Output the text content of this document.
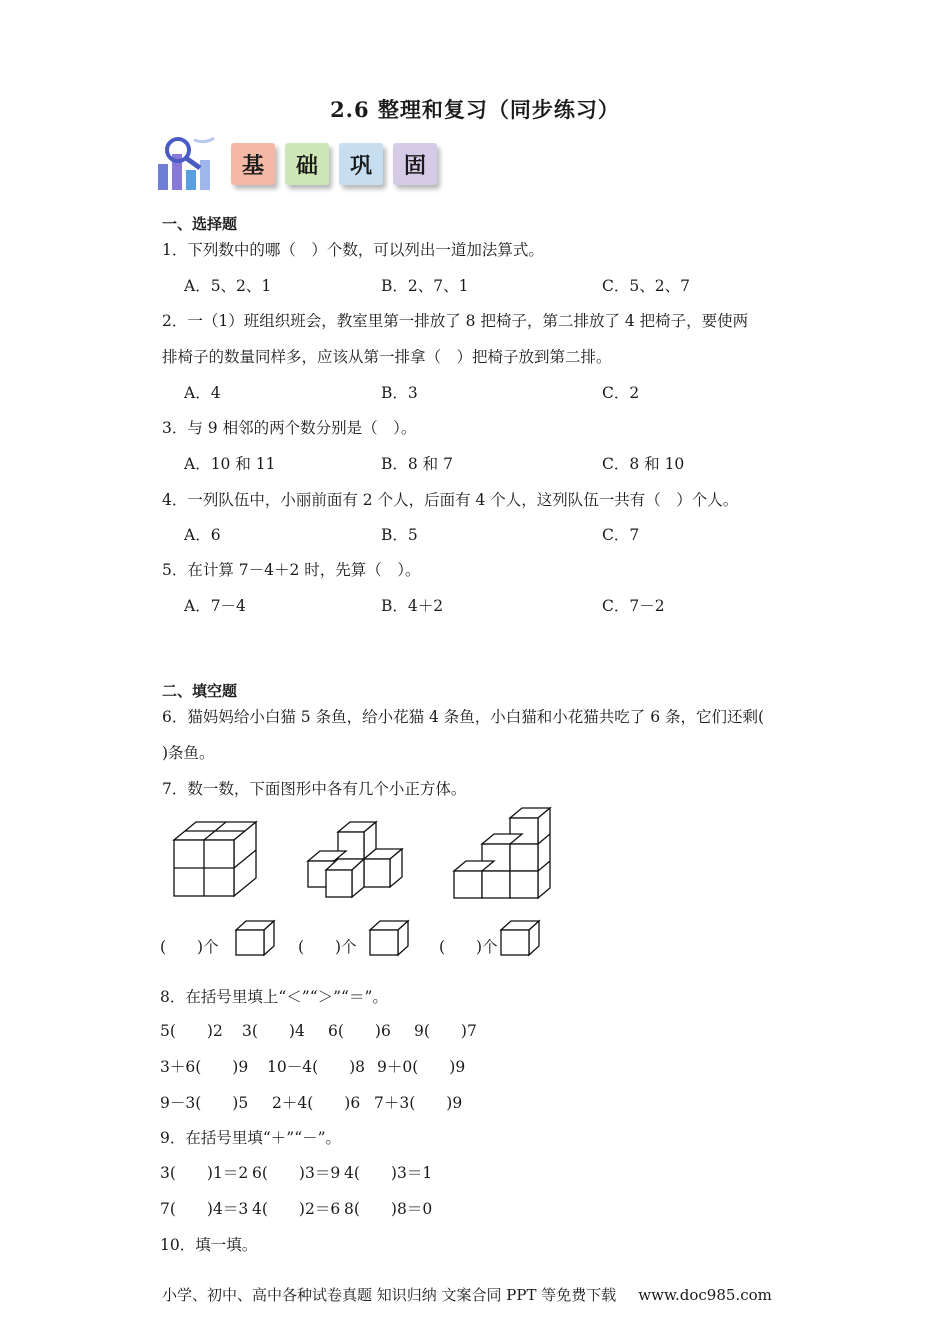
2.6 整理和复习（同步练习）
基	础	巩	固
一、选择题
1．下列数中的哪（　）个数，可以列出一道加法算式。
A．5、2、1	B．2、7、1	C．5、2、7
2．一（1）班组织班会，教室里第一排放了 8 把椅子，第二排放了 4 把椅子，要使两
排椅子的数量同样多，应该从第一排拿（　）把椅子放到第二排。
A．4	B．3	C．2
3．与 9 相邻的两个数分别是（　）。
A．10 和 11	B．8 和 7	C．8 和 10
4．一列队伍中，小丽前面有 2 个人，后面有 4 个人，这列队伍一共有（　）个人。
A．6	B．5	C．7
5．在计算 7－4＋2 时，先算（　）。
A．7－4	B．4＋2	C．7－2
二、填空题
6．猫妈妈给小白猫 5 条鱼，给小花猫 4 条鱼，小白猫和小花猫共吃了 6 条，它们还剩(
)条鱼。
7．数一数，下面图形中各有几个小正方体。
(　　)个	(　　)个	(　　)个
8．在括号里填上“＜”“＞”“＝”。
5(　　)2 3(　　)4 6(　　)6 9(　　)7
3＋6(　　)9 10－4(　　)8 9＋0(　　)9
9－3(　　)5 2＋4(　　)6 7＋3(　　)9
9．在括号里填“＋”“－”。
3(　　)1＝2 6(　　)3＝9 4(　　)3＝1
7(　　)4＝3 4(　　)2＝6 8(　　)8＝0
10．填一填。
小学、初中、高中各种试卷真题 知识归纳 文案合同 PPT 等免费下载 www.doc985.com
